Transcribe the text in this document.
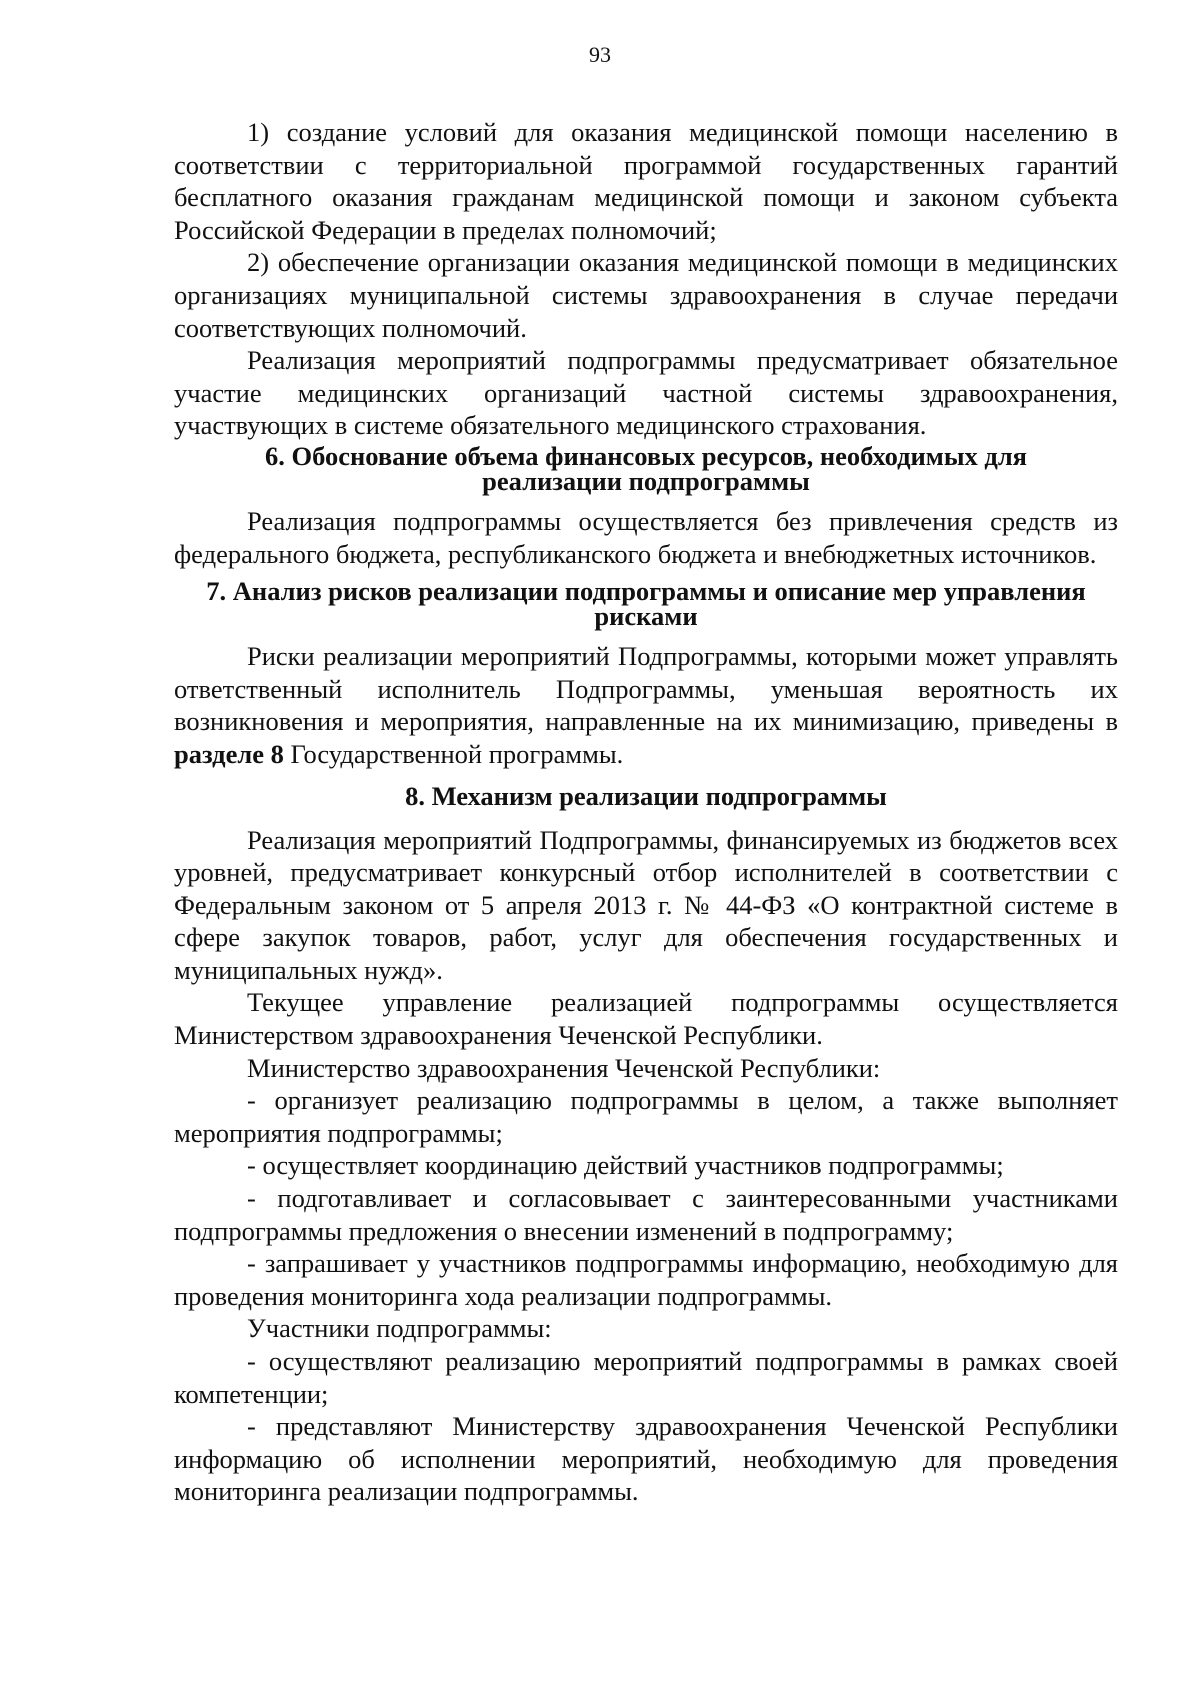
93

1) создание условий для оказания медицинской помощи населению в соответствии с территориальной программой государственных гарантий бесплатного оказания гражданам медицинской помощи и законом субъекта Российской Федерации в пределах полномочий;

2) обеспечение организации оказания медицинской помощи в медицинских организациях муниципальной системы здравоохранения в случае передачи соответствующих полномочий.

Реализация мероприятий подпрограммы предусматривает обязательное участие медицинских организаций частной системы здравоохранения, участвующих в системе обязательного медицинского страхования.

6. Обоснование объема финансовых ресурсов, необходимых для
реализации подпрограммы

Реализация подпрограммы осуществляется без привлечения средств из федерального бюджета, республиканского бюджета и внебюджетных источников.

7. Анализ рисков реализации подпрограммы и описание мер управления
рисками

Риски реализации мероприятий Подпрограммы, которыми может управлять ответственный исполнитель Подпрограммы, уменьшая вероятность их возникновения и мероприятия, направленные на их минимизацию, приведены в разделе 8 Государственной программы.

8. Механизм реализации подпрограммы

Реализация мероприятий Подпрограммы, финансируемых из бюджетов всех уровней, предусматривает конкурсный отбор исполнителей в соответствии с Федеральным законом от 5 апреля 2013 г. № 44-ФЗ «О контрактной системе в сфере закупок товаров, работ, услуг для обеспечения государственных и муниципальных нужд».

Текущее управление реализацией подпрограммы осуществляется Министерством здравоохранения Чеченской Республики.

Министерство здравоохранения Чеченской Республики:

- организует реализацию подпрограммы в целом, а также выполняет мероприятия подпрограммы;

- осуществляет координацию действий участников подпрограммы;

- подготавливает и согласовывает с заинтересованными участниками подпрограммы предложения о внесении изменений в подпрограмму;

- запрашивает у участников подпрограммы информацию, необходимую для проведения мониторинга хода реализации подпрограммы.

Участники подпрограммы:

- осуществляют реализацию мероприятий подпрограммы в рамках своей компетенции;

- представляют Министерству здравоохранения Чеченской Республики информацию об исполнении мероприятий, необходимую для проведения мониторинга реализации подпрограммы.
